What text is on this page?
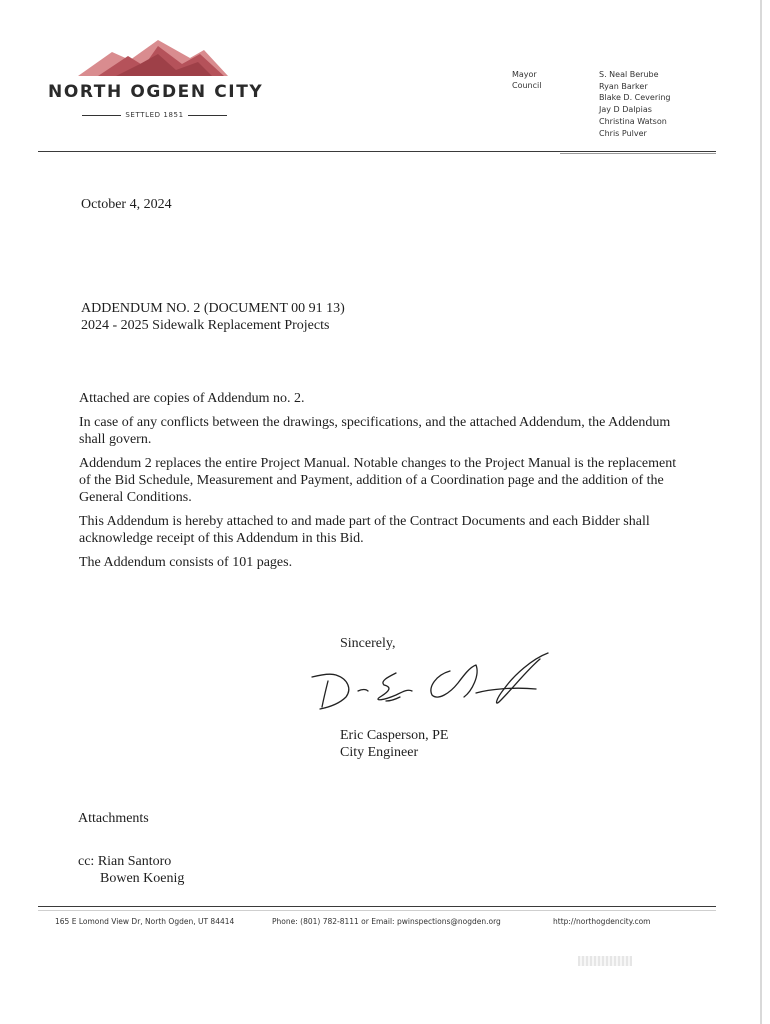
NORTH OGDEN CITY
SETTLED 1851
Mayor
Council
S. Neal Berube
Ryan Barker
Blake D. Cevering
Jay D Dalpias
Christina Watson
Chris Pulver
October 4, 2024
ADDENDUM NO. 2 (DOCUMENT 00 91 13)
2024 - 2025 Sidewalk Replacement Projects

Attached are copies of Addendum no. 2.

In case of any conflicts between the drawings, specifications, and the attached Addendum, the Addendum shall govern.

Addendum 2 replaces the entire Project Manual. Notable changes to the Project Manual is the replacement of the Bid Schedule, Measurement and Payment, addition of a Coordination page and the addition of the General Conditions.

This Addendum is hereby attached to and made part of the Contract Documents and each Bidder shall acknowledge receipt of this Addendum in this Bid.

The Addendum consists of 101 pages.

Sincerely,
Eric Casperson, PE
City Engineer
Attachments
cc: Rian Santoro
Bowen Koenig
165 E Lomond View Dr, North Ogden, UT 84414	Phone: (801) 782-8111 or Email: pwinspections@nogden.org	http://northogdencity.com
